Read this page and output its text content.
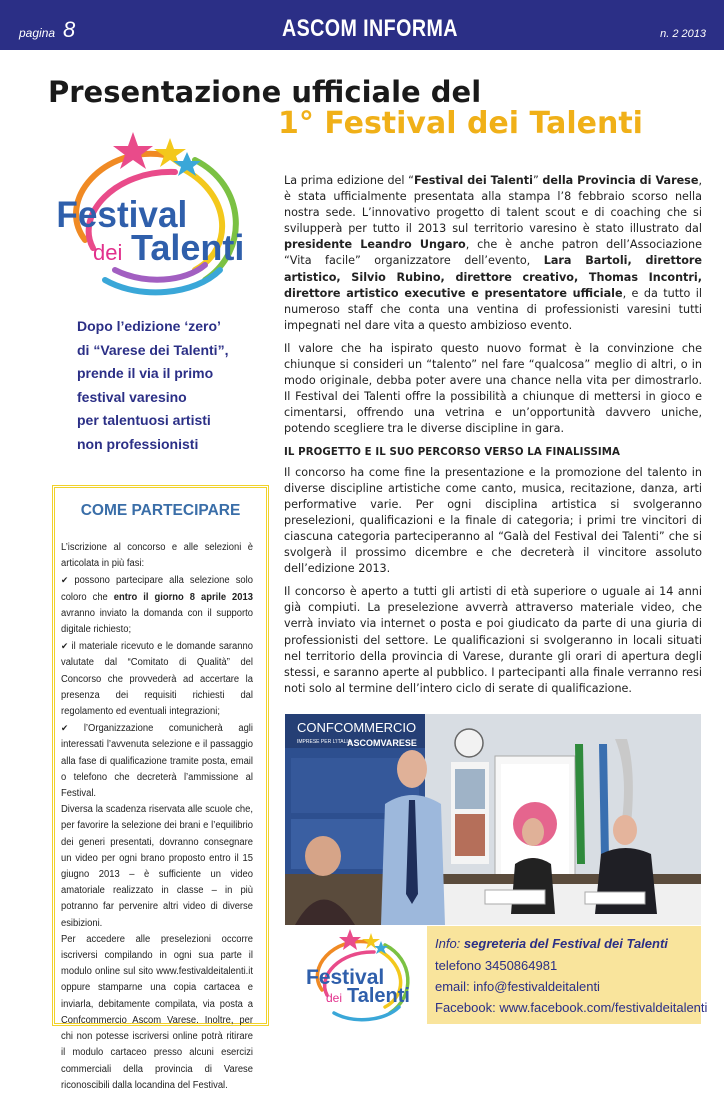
pagina 8	ASCOM INFORMA	n. 2 2013
Presentazione ufficiale del
1° Festival dei Talenti
Festival
dei Talenti
Dopo l’edizione ‘zero’
di “Varese dei Talenti”,
prende il via il primo
festival varesino
per talentuosi artisti
non professionisti
COME PARTECIPARE

L’iscrizione al concorso e alle selezioni è articolata in più fasi:

✔ possono partecipare alla selezione solo coloro che entro il giorno 8 aprile 2013 avranno inviato la domanda con il supporto digitale richiesto;

✔ il materiale ricevuto e le domande saranno valutate dal “Comitato di Qualità” del Concorso che provvederà ad accertare la presenza dei requisiti richiesti dal regolamento ed eventuali integrazioni;

✔ l’Organizzazione comunicherà agli interessati l’avvenuta selezione e il passaggio alla fase di qualificazione tramite posta, email o telefono che decreterà l’ammissione al Festival.

Diversa la scadenza riservata alle scuole che, per favorire la selezione dei brani e l’equilibrio dei generi presentati, dovranno consegnare un video per ogni brano proposto entro il 15 giugno 2013 – è sufficiente un video amatoriale realizzato in classe – in più potranno far pervenire altri video di diverse esibizioni.

Per accedere alle preselezioni occorre iscriversi compilando in ogni sua parte il modulo online sul sito www.festivaldeitalenti.it oppure stamparne una copia cartacea e inviarla, debitamente compilata, via posta a Confcommercio Ascom Varese. Inoltre, per chi non potesse iscriversi online potrà ritirare il modulo cartaceo presso alcuni esercizi commerciali della provincia di Varese riconoscibili dalla locandina del Festival.

La prima edizione del “Festival dei Talenti” della Provincia di Varese, è stata ufficialmente presentata alla stampa l’8 febbraio scorso nella nostra sede. L’innovativo progetto di talent scout e di coaching che si svilupperà per tutto il 2013 sul territorio varesino è stato illustrato dal presidente Leandro Ungaro, che è anche patron dell’Associazione “Vita facile” organizzatore dell’evento, Lara Bartoli, direttore artistico, Silvio Rubino, direttore creativo, Thomas Incontri, direttore artistico executive e presentatore ufficiale, e da tutto il numeroso staff che conta una ventina di professionisti varesini tutti impegnati nel dare vita a questo ambizioso evento.

Il valore che ha ispirato questo nuovo format è la convinzione che chiunque si consideri un “talento” nel fare “qualcosa” meglio di altri, o in modo originale, debba poter avere una chance nella vita per dimostrarlo. Il Festival dei Talenti offre la possibilità a chiunque di mettersi in gioco e cimentarsi, offrendo una vetrina e un’opportunità davvero uniche, potendo scegliere tra le diverse discipline in gara.

IL PROGETTO E IL SUO PERCORSO VERSO LA FINALISSIMA

Il concorso ha come fine la presentazione e la promozione del talento in diverse discipline artistiche come canto, musica, recitazione, danza, arti performative varie. Per ogni disciplina artistica si svolgeranno preselezioni, qualificazioni e la finale di categoria; i primi tre vincitori di ciascuna categoria parteciperanno al “Galà del Festival dei Talenti” che si svolgerà il prossimo dicembre e che decreterà il vincitore assoluto dell’edizione 2013.

Il concorso è aperto a tutti gli artisti di età superiore o uguale ai 14 anni già compiuti. La preselezione avverrà attraverso materiale video, che verrà inviato via internet o posta e poi giudicato da parte di una giuria di professionisti del settore. Le qualificazioni si svolgeranno in locali situati nel territorio della provincia di Varese, durante gli orari di apertura degli stessi, e saranno aperte al pubblico. I partecipanti alla finale verranno resi noti solo al termine dell’intero ciclo di serate di qualificazione.

CONFCOMMERCIO
IMPRESE PER L’ITALIA
ASCOMVARESE
Festival
dei Talenti
Info: segreteria del Festival dei Talenti
telefono 3450864981
email: info@festivaldeitalenti
Facebook: www.facebook.com/festivaldeitalenti
